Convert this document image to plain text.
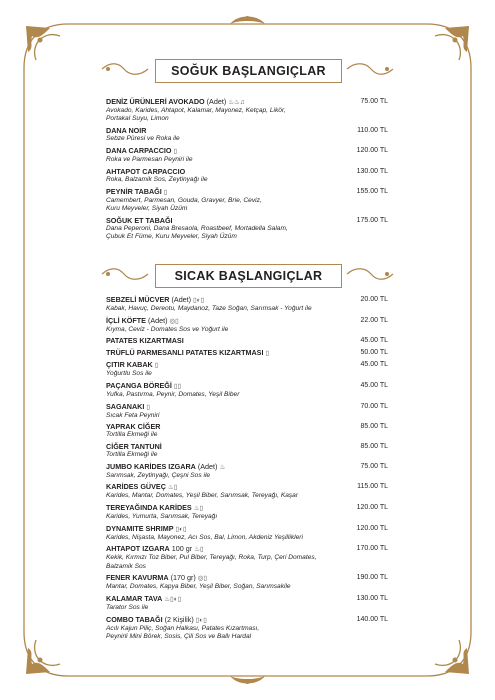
SOĞUK BAŞLANGIÇLAR
DENİZ ÜRÜNLERİ AVOKADO (Adet) ♨♨♫	75.00 TL
Avokado, Karides, Ahtapot, Kalamar, Mayonez, Ketçap, Likör,
Portakal Suyu, Limon
DANA NOIR	110.00 TL
Sebze Püresi ve Roka ile
DANA CARPACCIO ▯	120.00 TL
Roka ve Parmesan Peyniri ile
AHTAPOT CARPACCIO	130.00 TL
Roka, Balzamik Sos, Zeytinyağı ile
PEYNİR TABAĞI ▯	155.00 TL
Camembert, Parmesan, Gouda, Gravyer, Brie, Ceviz,
Kuru Meyveler, Siyah Üzüm
SOĞUK ET TABAĞI	175.00 TL
Dana Peperoni, Dana Bresaola, Roastbeef, Mortadella Salam,
Çubuk Et Füme, Kuru Meyveler, Siyah Üzüm
SICAK BAŞLANGIÇLAR
SEBZELİ MÜCVER (Adet) ▯◐▯	20.00 TL
Kabak, Havuç, Dereotu, Maydanoz, Taze Soğan, Sarımsak - Yoğurt ile
İÇLİ KÖFTE (Adet) ◎▯	22.00 TL
Kıyma, Ceviz - Domates Sos ve Yoğurt ile
PATATES KIZARTMASI	45.00 TL
TRÜFLÜ PARMESANLI PATATES KIZARTMASI ▯	50.00 TL
ÇITIR KABAK ▯	45.00 TL
Yoğurtlu Sos ile
PAÇANGA BÖREĞİ ▯▯	45.00 TL
Yufka, Pastırma, Peynir, Domates, Yeşil Biber
SAGANAKI ▯	70.00 TL
Sıcak Feta Peyniri
YAPRAK CİĞER	85.00 TL
Tortilla Ekmeği ile
CİĞER TANTUNİ	85.00 TL
Tortilla Ekmeği ile
JUMBO KARİDES IZGARA (Adet) ♨	75.00 TL
Sarımsak, Zeytinyağı, Çeşni Sos ile
KARİDES GÜVEÇ ♨▯	115.00 TL
Karides, Mantar, Domates, Yeşil Biber, Sarımsak, Tereyağı, Kaşar
TEREYAĞINDA KARİDES ♨▯	120.00 TL
Karides, Yumurta, Sarımsak, Tereyağı
DYNAMITE SHRIMP ▯◐▯	120.00 TL
Karides, Nişasta, Mayonez, Acı Sos, Bal, Limon, Akdeniz Yeşillikleri
AHTAPOT IZGARA 100 gr ♨▯	170.00 TL
Kekik, Kırmızı Toz Biber, Pul Biber, Tereyağı, Roka, Turp, Çeri Domates,
Balzamik Sos
FENER KAVURMA (170 gr) ◎▯	190.00 TL
Mantar, Domates, Kapya Biber, Yeşil Biber, Soğan, Sarımsakile
KALAMAR TAVA ♨▯◐▯	130.00 TL
Tarator Sos ile
COMBO TABAĞI (2 Kişilik) ▯◐▯	140.00 TL
Acılı Kajun Piliç, Soğan Halkası, Patates Kızartması,
Peynirli Mini Börek, Sosis, Çili Sos ve Ballı Hardal
